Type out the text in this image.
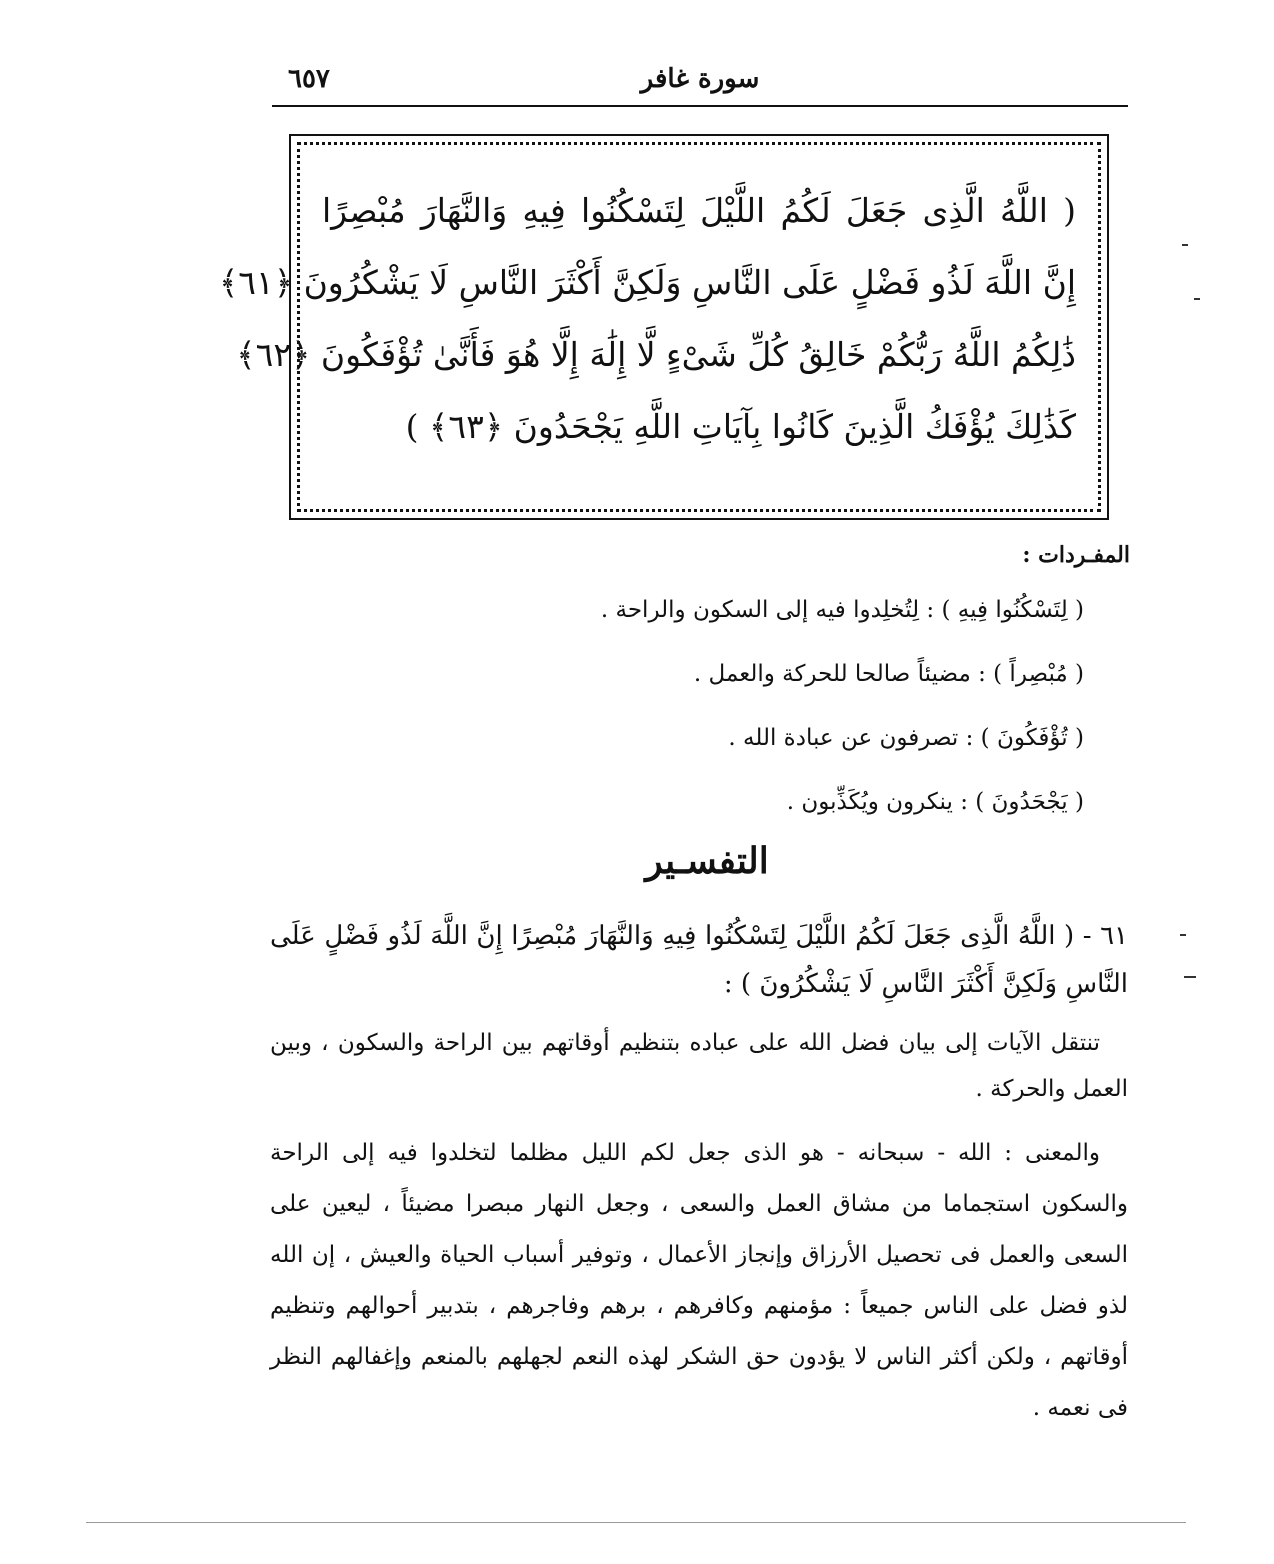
سورة غافر
٦٥٧
( اللَّهُ الَّذِى جَعَلَ لَكُمُ اللَّيْلَ لِتَسْكُنُوا فِيهِ وَالنَّهَارَ مُبْصِرًا
إِنَّ اللَّهَ لَذُو فَضْلٍ عَلَى النَّاسِ وَلَكِنَّ أَكْثَرَ النَّاسِ لَا يَشْكُرُونَ ﴿٦١﴾
ذَٰلِكُمُ اللَّهُ رَبُّكُمْ خَالِقُ كُلِّ شَىْءٍ لَّا إِلَٰهَ إِلَّا هُوَ فَأَنَّىٰ تُؤْفَكُونَ ﴿٦٢﴾
كَذَٰلِكَ يُؤْفَكُ الَّذِينَ كَانُوا بِآيَاتِ اللَّهِ يَجْحَدُونَ ﴿٦٣﴾ )
المفـردات :
( لِتَسْكُنُوا فِيهِ ) : لِتُخلِدوا فيه إلى السكون والراحة .
( مُبْصِراً ) : مضيئاً صالحا للحركة والعمل .
( تُؤْفَكُونَ ) : تصرفون عن عبادة الله .
( يَجْحَدُونَ ) : ينكرون ويُكَذِّبون .
التفسـير
٦١ - ( اللَّهُ الَّذِى جَعَلَ لَكُمُ اللَّيْلَ لِتَسْكُنُوا فِيهِ وَالنَّهَارَ مُبْصِرًا إِنَّ اللَّهَ لَذُو فَضْلٍ عَلَى النَّاسِ وَلَكِنَّ أَكْثَرَ النَّاسِ لَا يَشْكُرُونَ ) :
تنتقل الآيات إلى بيان فضل الله على عباده بتنظيم أوقاتهم بين الراحة والسكون ، وبين العمل والحركة .
والمعنى : الله - سبحانه - هو الذى جعل لكم الليل مظلما لتخلدوا فيه إلى الراحة والسكون استجماما من مشاق العمل والسعى ، وجعل النهار مبصرا مضيئاً ، ليعين على السعى والعمل فى تحصيل الأرزاق وإنجاز الأعمال ، وتوفير أسباب الحياة والعيش ، إن الله لذو فضل على الناس جميعاً : مؤمنهم وكافرهم ، برهم وفاجرهم ، بتدبير أحوالهم وتنظيم أوقاتهم ، ولكن أكثر الناس لا يؤدون حق الشكر لهذه النعم لجهلهم بالمنعم وإغفالهم النظر فى نعمه .
